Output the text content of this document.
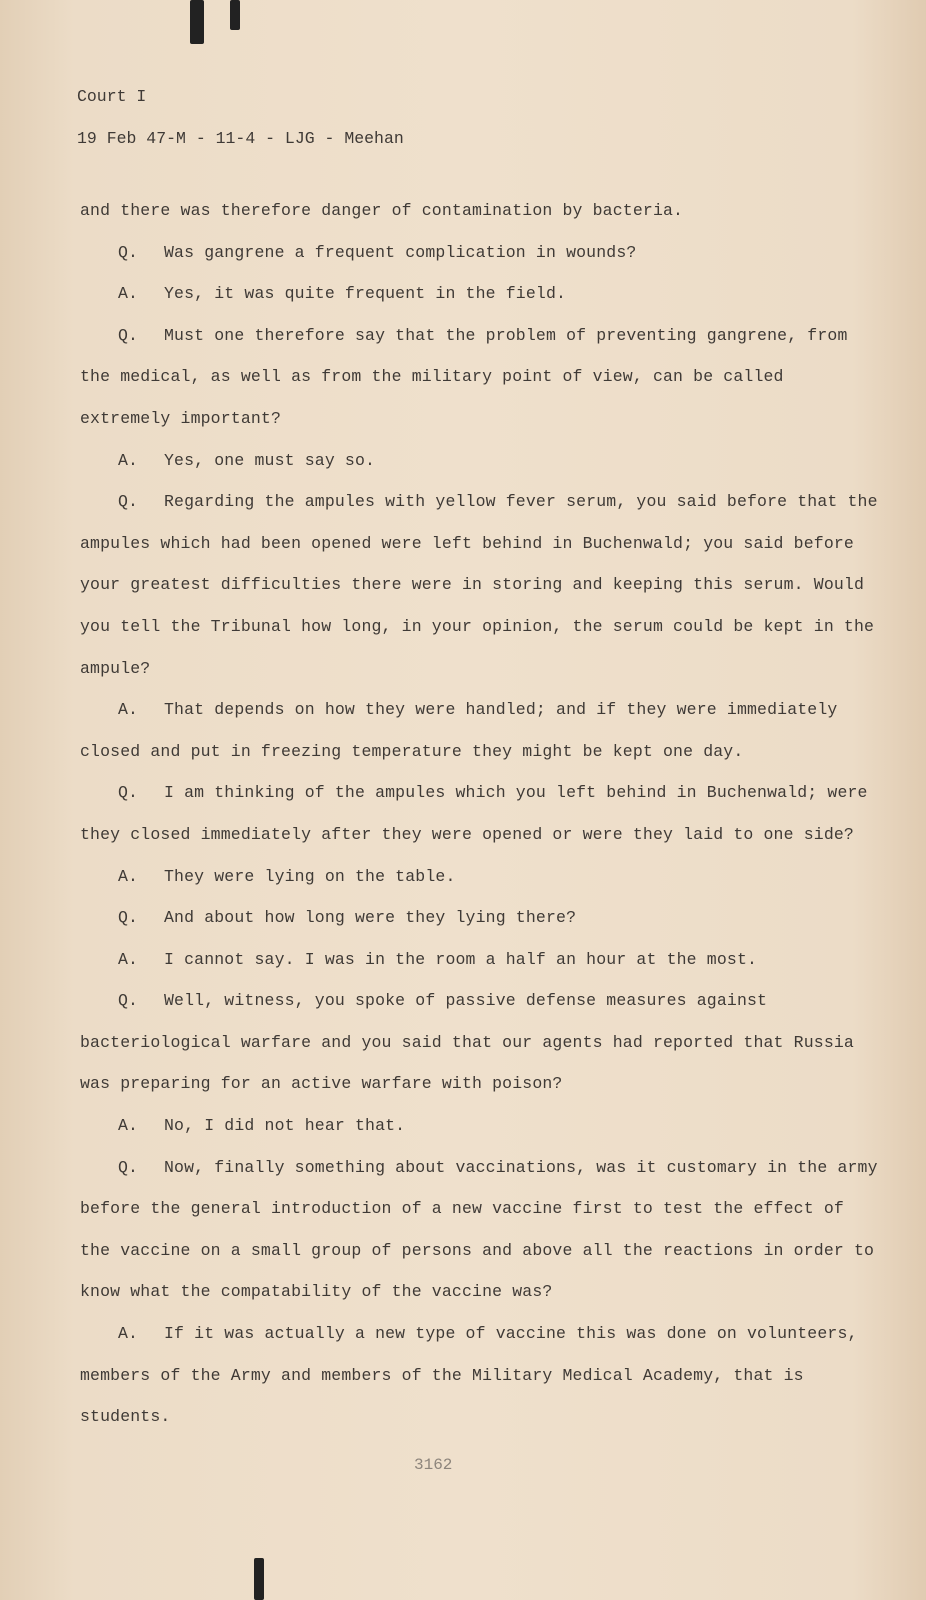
Court I
19 Feb 47-M - 11-4 - LJG - Meehan

and there was therefore danger of contamination by bacteria.

Q. Was gangrene a frequent complication in wounds?

A. Yes, it was quite frequent in the field.

Q. Must one therefore say that the problem of preventing gangrene, from the medical, as well as from the military point of view, can be called extremely important?

A. Yes, one must say so.

Q. Regarding the ampules with yellow fever serum, you said before that the ampules which had been opened were left behind in Buchenwald; you said before your greatest difficulties there were in storing and keeping this serum. Would you tell the Tribunal how long, in your opinion, the serum could be kept in the ampule?

A. That depends on how they were handled; and if they were immediately closed and put in freezing temperature they might be kept one day.

Q. I am thinking of the ampules which you left behind in Buchenwald; were they closed immediately after they were opened or were they laid to one side?

A. They were lying on the table.

Q. And about how long were they lying there?

A. I cannot say. I was in the room a half an hour at the most.

Q. Well, witness, you spoke of passive defense measures against bacteriological warfare and you said that our agents had reported that Russia was preparing for an active warfare with poison?

A. No, I did not hear that.

Q. Now, finally something about vaccinations, was it customary in the army before the general introduction of a new vaccine first to test the effect of the vaccine on a small group of persons and above all the reactions in order to know what the compatability of the vaccine was?

A. If it was actually a new type of vaccine this was done on volunteers, members of the Army and members of the Military Medical Academy, that is students.

3162
